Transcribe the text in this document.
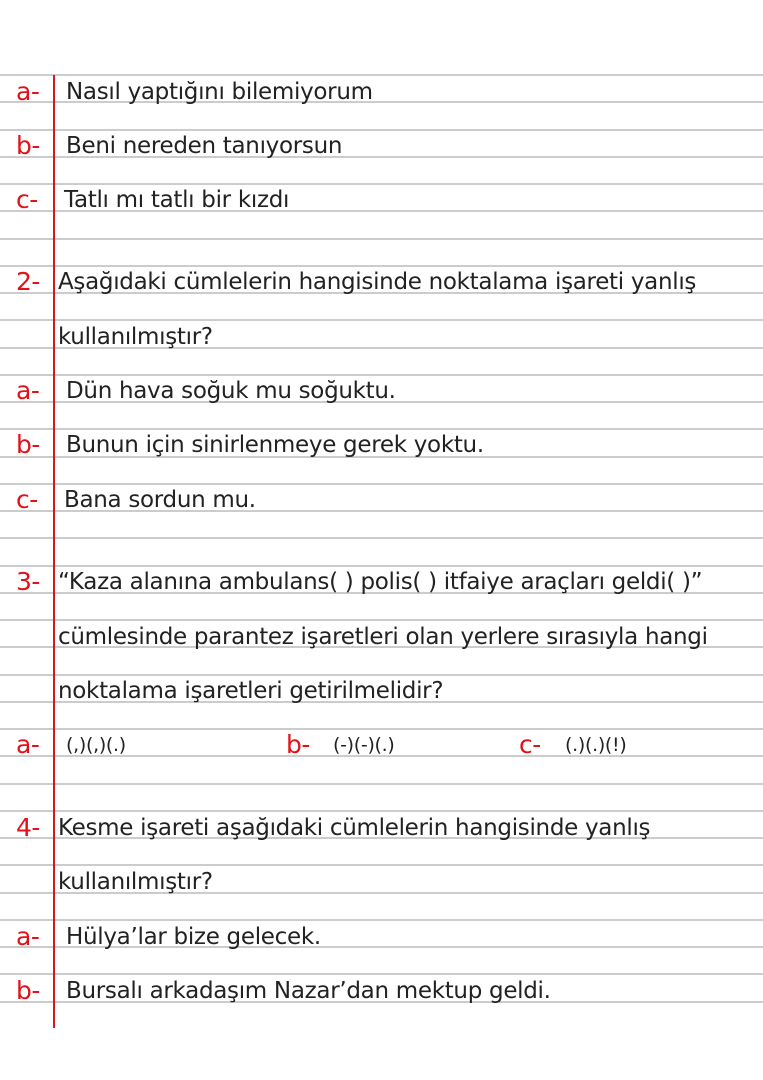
a- Nasıl yaptığını bilemiyorum
b- Beni nereden tanıyorsun
c- Tatlı mı tatlı bir kızdı
2- Aşağıdaki cümlelerin hangisinde noktalama işareti yanlış
kullanılmıştır?
a- Dün hava soğuk mu soğuktu.
b- Bunun için sinirlenmeye gerek yoktu.
c- Bana sordun mu.
3- “Kaza alanına ambulans( ) polis( ) itfaiye araçları geldi( )”
cümlesinde parantez işaretleri olan yerlere sırasıyla hangi
noktalama işaretleri getirilmelidir?
a- (,)(,)(.)	b- (-)(-)(.)	c- (.)(.)(!)
4- Kesme işareti aşağıdaki cümlelerin hangisinde yanlış
kullanılmıştır?
a- Hülya’lar bize gelecek.
b- Bursalı arkadaşım Nazar’dan mektup geldi.
